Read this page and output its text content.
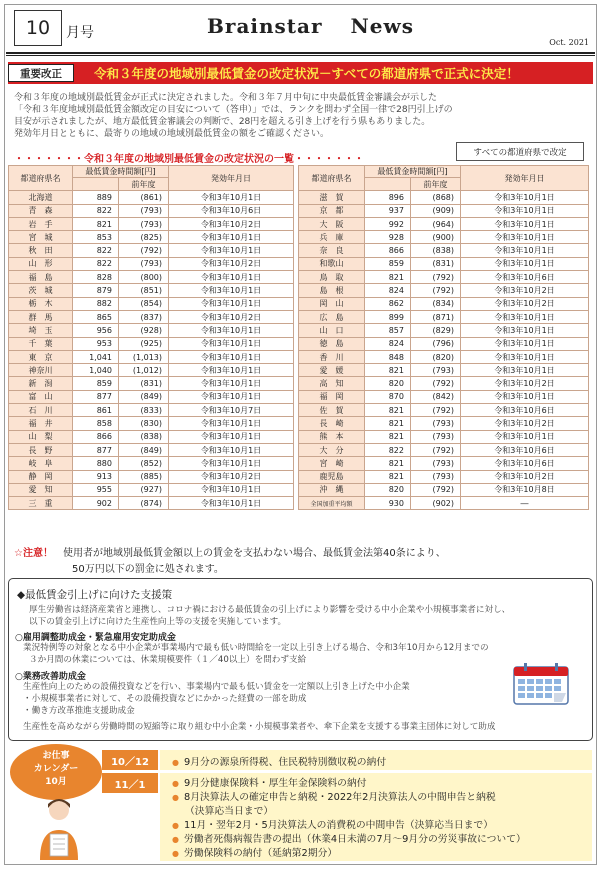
10	月号	Brainstar News
Oct. 2021
令和３年度の地域別最低賃金の改定状況－すべての都道府県で正式に決定！
重要改正
令和３年度の地域別最低賃金が正式に決定されました。令和３年７月中旬に中央最低賃金審議会が示した
「令和３年度地域別最低賃金額改定の目安について（答申）」では、ランクを問わず全国一律で28円引上げの
目安が示されましたが、地方最低賃金審議会の判断で、28円を超える引き上げを行う県もありました。
発効年月日とともに、最寄りの地域の地域別最低賃金の額をご確認ください。
すべての都道府県で改定
・・・・・・・令和３年度の地域別最低賃金の改定状況の一覧・・・・・・・
都道府県名	最低賃金時間額[円]		発効年月日
		前年度	
北海道	889	(861)	令和3年10月1日
青　森	822	(793)	令和3年10月6日
岩　手	821	(793)	令和3年10月2日
宮　城	853	(825)	令和3年10月1日
秋　田	822	(792)	令和3年10月1日
山　形	822	(793)	令和3年10月2日
福　島	828	(800)	令和3年10月1日
茨　城	879	(851)	令和3年10月1日
栃　木	882	(854)	令和3年10月1日
群　馬	865	(837)	令和3年10月2日
埼　玉	956	(928)	令和3年10月1日
千　葉	953	(925)	令和3年10月1日
東　京	1,041	(1,013)	令和3年10月1日
神奈川	1,040	(1,012)	令和3年10月1日
新　潟	859	(831)	令和3年10月1日
富　山	877	(849)	令和3年10月1日
石　川	861	(833)	令和3年10月7日
福　井	858	(830)	令和3年10月1日
山　梨	866	(838)	令和3年10月1日
長　野	877	(849)	令和3年10月1日
岐　阜	880	(852)	令和3年10月1日
静　岡	913	(885)	令和3年10月2日
愛　知	955	(927)	令和3年10月1日
三　重	902	(874)	令和3年10月1日
都道府県名	最低賃金時間額[円]		発効年月日
		前年度	
滋　賀	896	(868)	令和3年10月1日
京　都	937	(909)	令和3年10月1日
大　阪	992	(964)	令和3年10月1日
兵　庫	928	(900)	令和3年10月1日
奈　良	866	(838)	令和3年10月1日
和歌山	859	(831)	令和3年10月1日
鳥　取	821	(792)	令和3年10月6日
島　根	824	(792)	令和3年10月2日
岡　山	862	(834)	令和3年10月2日
広　島	899	(871)	令和3年10月1日
山　口	857	(829)	令和3年10月1日
徳　島	824	(796)	令和3年10月1日
香　川	848	(820)	令和3年10月1日
愛　媛	821	(793)	令和3年10月1日
高　知	820	(792)	令和3年10月2日
福　岡	870	(842)	令和3年10月1日
佐　賀	821	(792)	令和3年10月6日
長　崎	821	(793)	令和3年10月2日
熊　本	821	(793)	令和3年10月1日
大　分	822	(792)	令和3年10月6日
宮　崎	821	(793)	令和3年10月6日
鹿児島	821	(793)	令和3年10月2日
沖　縄	820	(792)	令和3年10月8日
全国加重平均額	930	(902)	―
☆注意！　 使用者が地域別最低賃金額以上の賃金を支払わない場合、最低賃金法第40条により、
50万円以下の罰金に処されます。
◆最低賃金引上げに向けた支援策
厚生労働省は経済産業省と連携し、コロナ禍における最低賃金の引上げにより影響を受ける中小企業や小規模事業者に対し、
以下の賃金引上げに向けた生産性向上等の支援を実施しています。
○雇用調整助成金・緊急雇用安定助成金
業況特例等の対象となる中小企業が事業場内で最も低い時間給を一定以上引き上げる場合、令和3年10月から12月までの
３か月間の休業については、休業規模要件（１／40以上）を問わず支給
○業務改善助成金
生産性向上のための設備投資などを行い、事業場内で最も低い賃金を一定額以上引き上げた中小企業
・小規模事業者に対して、その設備投資などにかかった経費の一部を助成
・働き方改革推進支援助成金
生産性を高めながら労働時間の短縮等に取り組む中小企業・小規模事業者や、傘下企業を支援する事業主団体に対して助成
お仕事
カレンダー
10月
10／12	● 9月分の源泉所得税、住民税特別徴収税の納付
11／1	● 9月分健康保険料・厚生年金保険料の納付
● 8月決算法人の確定申告と納税・2022年2月決算法人の中間申告と納税
（決算応当日まで）
● 11月・翌年2月・5月決算法人の消費税の中間申告（決算応当日まで）
● 労働者死傷病報告書の提出（休業4日未満の7月～9月分の労災事故について）
● 労働保険料の納付（延納第2期分）
